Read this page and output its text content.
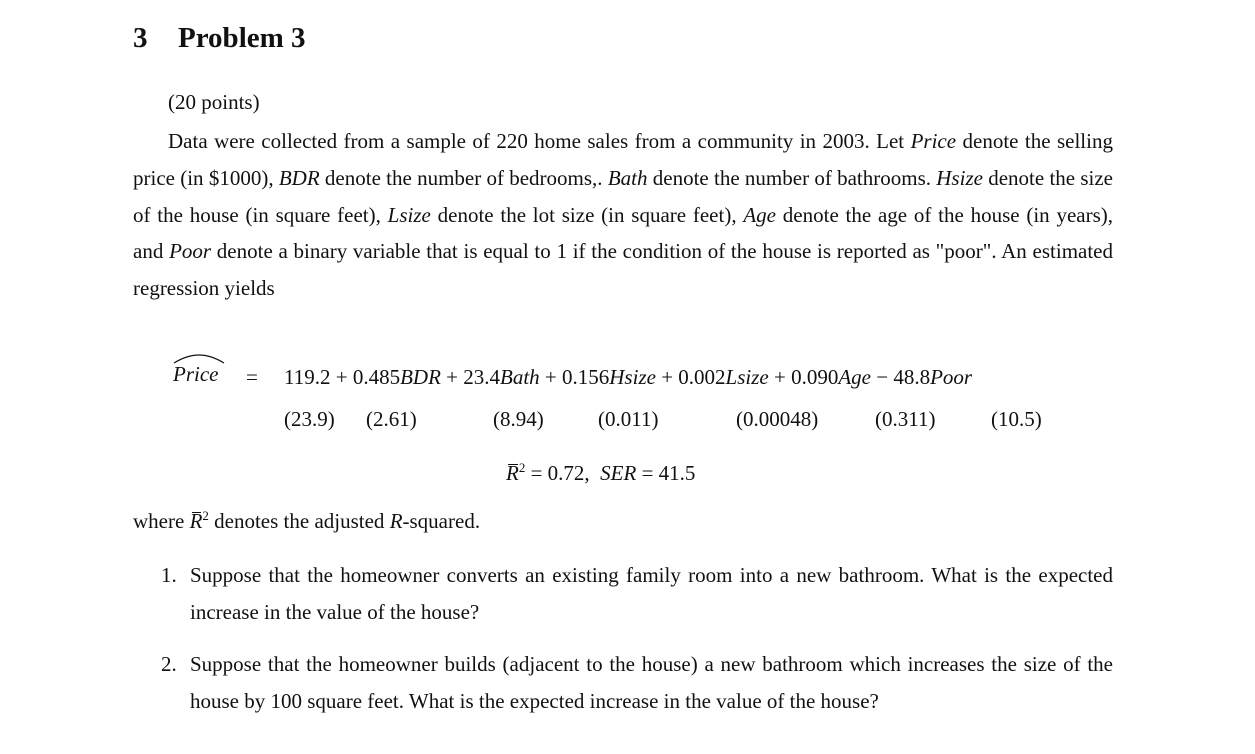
3 Problem 3
(20 points)

Data were collected from a sample of 220 home sales from a community in 2003. Let Price denote the selling price (in $1000), BDR denote the number of bedrooms,. Bath denote the number of bathrooms. Hsize denote the size of the house (in square feet), Lsize denote the lot size (in square feet), Age denote the age of the house (in years), and Poor denote a binary variable that is equal to 1 if the condition of the house is reported as "poor". An estimated regression yields

Price = 119.2 + 0.485BDR + 23.4Bath + 0.156Hsize + 0.002Lsize + 0.090Age − 48.8Poor
(23.9) (2.61)	(8.94)	(0.011)	(0.00048)	(0.311)	(10.5)
$R^2 = 0.72$,  SER = 41.5
where $R^2$ denotes the adjusted R-squared.
1. Suppose that the homeowner converts an existing family room into a new bathroom. What is the expected increase in the value of the house?
2. Suppose that the homeowner builds (adjacent to the house) a new bathroom which increases the size of the house by 100 square feet. What is the expected increase in the value of the house?
